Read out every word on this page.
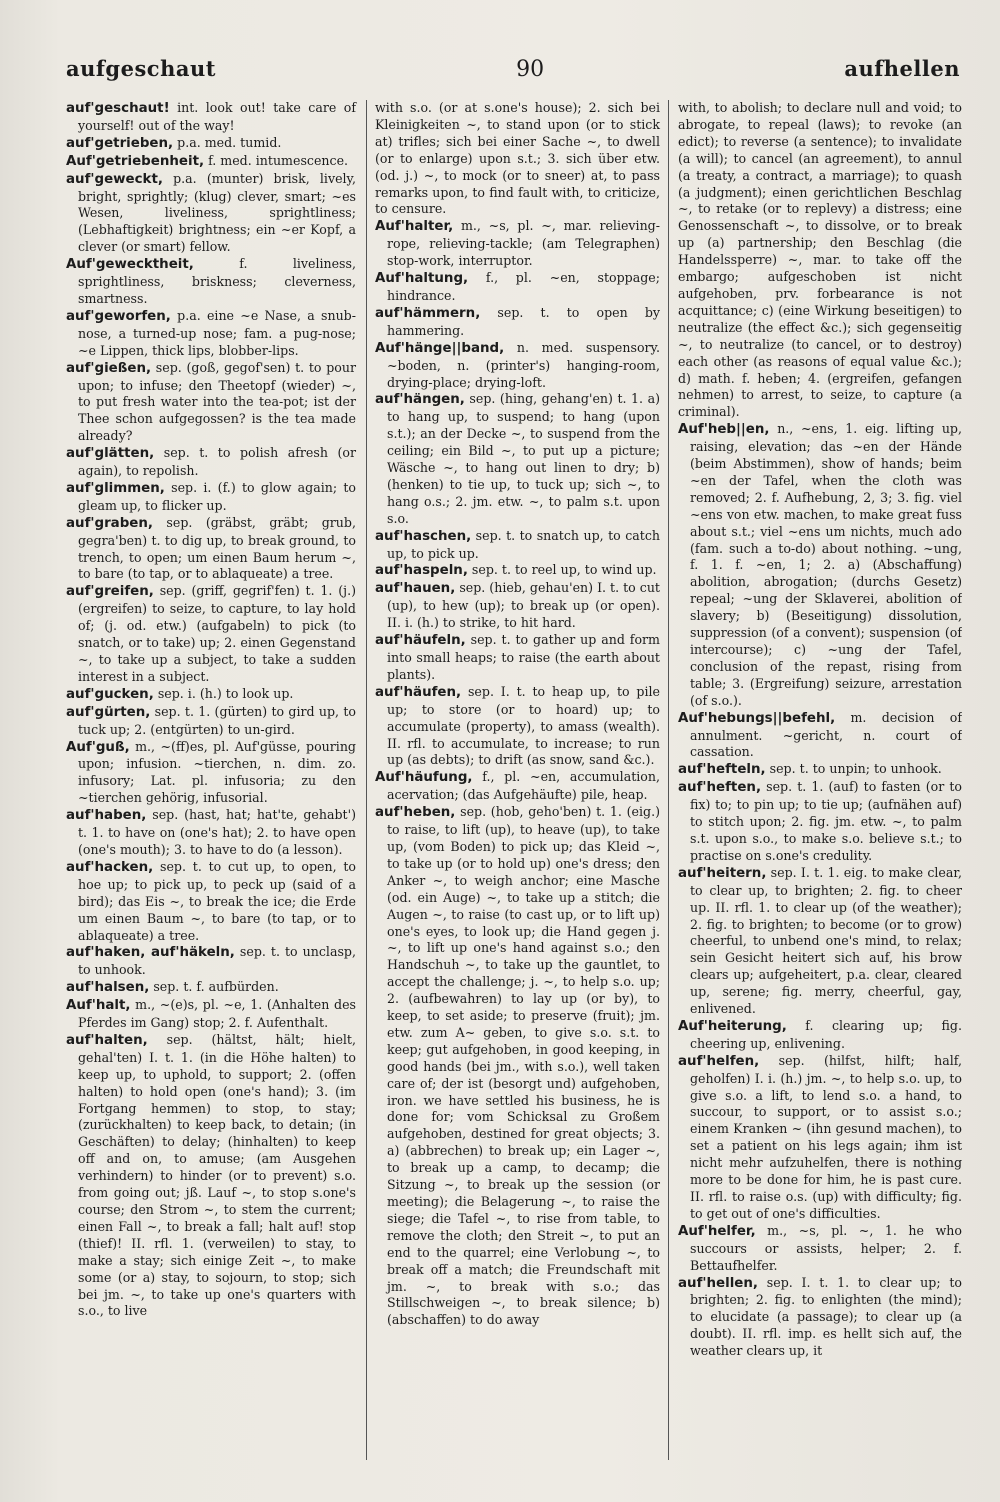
aufgeschaut	90	aufhellen

auf'geschaut! int. look out! take care of yourself! out of the way!

auf'getrieben, p.a. med. tumid.

Auf'getriebenheit, f. med. intumescence.

auf'geweckt, p.a. (munter) brisk, lively, bright, sprightly; (klug) clever, smart; ~es Wesen, liveliness, sprightliness; (Lebhaftigkeit) brightness; ein ~er Kopf, a clever (or smart) fellow.

Auf'gewecktheit, f. liveliness, sprightliness, briskness; cleverness, smartness.

auf'geworfen, p.a. eine ~e Nase, a snub-nose, a turned-up nose; fam. a pug-nose; ~e Lippen, thick lips, blobber-lips.

auf'gießen, sep. (goß, gegof'sen) t. to pour upon; to infuse; den Theetopf (wieder) ~, to put fresh water into the tea-pot; ist der Thee schon aufgegossen? is the tea made already?

auf'glätten, sep. t. to polish afresh (or again), to repolish.

auf'glimmen, sep. i. (f.) to glow again; to gleam up, to flicker up.

auf'graben, sep. (gräbst, gräbt; grub, gegra'ben) t. to dig up, to break ground, to trench, to open; um einen Baum herum ~, to bare (to tap, or to ablaqueate) a tree.

auf'greifen, sep. (griff, gegrif'fen) t. 1. (j.) (ergreifen) to seize, to capture, to lay hold of; (j. od. etw.) (aufgabeln) to pick (to snatch, or to take) up; 2. einen Gegenstand ~, to take up a subject, to take a sudden interest in a subject.

auf'gucken, sep. i. (h.) to look up.

auf'gürten, sep. t. 1. (gürten) to gird up, to tuck up; 2. (entgürten) to un-gird.

Auf'guß, m., ~(ff)es, pl. Auf'güsse, pouring upon; infusion. ~tierchen, n. dim. zo. infusory; Lat. pl. infusoria; zu den ~tierchen gehörig, infusorial.

auf'haben, sep. (hast, hat; hat'te, gehabt') t. 1. to have on (one's hat); 2. to have open (one's mouth); 3. to have to do (a lesson).

auf'hacken, sep. t. to cut up, to open, to hoe up; to pick up, to peck up (said of a bird); das Eis ~, to break the ice; die Erde um einen Baum ~, to bare (to tap, or to ablaqueate) a tree.

auf'haken, auf'häkeln, sep. t. to unclasp, to unhook.

auf'halsen, sep. t. f. aufbürden.

Auf'halt, m., ~(e)s, pl. ~e, 1. (Anhalten des Pferdes im Gang) stop; 2. f. Aufenthalt.

auf'halten, sep. (hältst, hält; hielt, gehal'ten) I. t. 1. (in die Höhe halten) to keep up, to uphold, to support; 2. (offen halten) to hold open (one's hand); 3. (im Fortgang hemmen) to stop, to stay; (zurückhalten) to keep back, to detain; (in Geschäften) to delay; (hinhalten) to keep off and on, to amuse; (am Ausgehen verhindern) to hinder (or to prevent) s.o. from going out; jß. Lauf ~, to stop s.one's course; den Strom ~, to stem the current; einen Fall ~, to break a fall; halt auf! stop (thief)! II. rfl. 1. (verweilen) to stay, to make a stay; sich einige Zeit ~, to make some (or a) stay, to sojourn, to stop; sich bei jm. ~, to take up one's quarters with s.o., to live

with s.o. (or at s.one's house); 2. sich bei Kleinigkeiten ~, to stand upon (or to stick at) trifles; sich bei einer Sache ~, to dwell (or to enlarge) upon s.t.; 3. sich über etw. (od. j.) ~, to mock (or to sneer) at, to pass remarks upon, to find fault with, to criticize, to censure.

Auf'halter, m., ~s, pl. ~, mar. relieving-rope, relieving-tackle; (am Telegraphen) stop-work, interruptor.

Auf'haltung, f., pl. ~en, stoppage; hindrance.

auf'hämmern, sep. t. to open by hammering.

Auf'hänge||band, n. med. suspensory. ~boden, n. (printer's) hanging-room, drying-place; drying-loft.

auf'hängen, sep. (hing, gehang'en) t. 1. a) to hang up, to suspend; to hang (upon s.t.); an der Decke ~, to suspend from the ceiling; ein Bild ~, to put up a picture; Wäsche ~, to hang out linen to dry; b) (henken) to tie up, to tuck up; sich ~, to hang o.s.; 2. jm. etw. ~, to palm s.t. upon s.o.

auf'haschen, sep. t. to snatch up, to catch up, to pick up.

auf'haspeln, sep. t. to reel up, to wind up.

auf'hauen, sep. (hieb, gehau'en) I. t. to cut (up), to hew (up); to break up (or open). II. i. (h.) to strike, to hit hard.

auf'häufeln, sep. t. to gather up and form into small heaps; to raise (the earth about plants).

auf'häufen, sep. I. t. to heap up, to pile up; to store (or to hoard) up; to accumulate (property), to amass (wealth). II. rfl. to accumulate, to increase; to run up (as debts); to drift (as snow, sand &c.).

Auf'häufung, f., pl. ~en, accumulation, acervation; (das Aufgehäufte) pile, heap.

auf'heben, sep. (hob, geho'ben) t. 1. (eig.) to raise, to lift (up), to heave (up), to take up, (vom Boden) to pick up; das Kleid ~, to take up (or to hold up) one's dress; den Anker ~, to weigh anchor; eine Masche (od. ein Auge) ~, to take up a stitch; die Augen ~, to raise (to cast up, or to lift up) one's eyes, to look up; die Hand gegen j. ~, to lift up one's hand against s.o.; den Handschuh ~, to take up the gauntlet, to accept the challenge; j. ~, to help s.o. up; 2. (aufbewahren) to lay up (or by), to keep, to set aside; to preserve (fruit); jm. etw. zum A~ geben, to give s.o. s.t. to keep; gut aufgehoben, in good keeping, in good hands (bei jm., with s.o.), well taken care of; der ist (besorgt und) aufgehoben, iron. we have settled his business, he is done for; vom Schicksal zu Großem aufgehoben, destined for great objects; 3. a) (abbrechen) to break up; ein Lager ~, to break up a camp, to decamp; die Sitzung ~, to break up the session (or meeting); die Belagerung ~, to raise the siege; die Tafel ~, to rise from table, to remove the cloth; den Streit ~, to put an end to the quarrel; eine Verlobung ~, to break off a match; die Freundschaft mit jm. ~, to break with s.o.; das Stillschweigen ~, to break silence; b) (abschaffen) to do away

with, to abolish; to declare null and void; to abrogate, to repeal (laws); to revoke (an edict); to reverse (a sentence); to invalidate (a will); to cancel (an agreement), to annul (a treaty, a contract, a marriage); to quash (a judgment); einen gerichtlichen Beschlag ~, to retake (or to replevy) a distress; eine Genossenschaft ~, to dissolve, or to break up (a) partnership; den Beschlag (die Handelssperre) ~, mar. to take off the embargo; aufgeschoben ist nicht aufgehoben, prv. forbearance is not acquittance; c) (eine Wirkung beseitigen) to neutralize (the effect &c.); sich gegenseitig ~, to neutralize (to cancel, or to destroy) each other (as reasons of equal value &c.); d) math. f. heben; 4. (ergreifen, gefangen nehmen) to arrest, to seize, to capture (a criminal).

Auf'heb||en, n., ~ens, 1. eig. lifting up, raising, elevation; das ~en der Hände (beim Abstimmen), show of hands; beim ~en der Tafel, when the cloth was removed; 2. f. Aufhebung, 2, 3; 3. fig. viel ~ens von etw. machen, to make great fuss about s.t.; viel ~ens um nichts, much ado (fam. such a to-do) about nothing. ~ung, f. 1. f. ~en, 1; 2. a) (Abschaffung) abolition, abrogation; (durchs Gesetz) repeal; ~ung der Sklaverei, abolition of slavery; b) (Beseitigung) dissolution, suppression (of a convent); suspension (of intercourse); c) ~ung der Tafel, conclusion of the repast, rising from table; 3. (Ergreifung) seizure, arrestation (of s.o.).

Auf'hebungs||befehl, m. decision of annulment. ~gericht, n. court of cassation.

auf'hefteln, sep. t. to unpin; to unhook.

auf'heften, sep. t. 1. (auf) to fasten (or to fix) to; to pin up; to tie up; (aufnähen auf) to stitch upon; 2. fig. jm. etw. ~, to palm s.t. upon s.o., to make s.o. believe s.t.; to practise on s.one's credulity.

auf'heitern, sep. I. t. 1. eig. to make clear, to clear up, to brighten; 2. fig. to cheer up. II. rfl. 1. to clear up (of the weather); 2. fig. to brighten; to become (or to grow) cheerful, to unbend one's mind, to relax; sein Gesicht heitert sich auf, his brow clears up; aufgeheitert, p.a. clear, cleared up, serene; fig. merry, cheerful, gay, enlivened.

Auf'heiterung, f. clearing up; fig. cheering up, enlivening.

auf'helfen, sep. (hilfst, hilft; half, geholfen) I. i. (h.) jm. ~, to help s.o. up, to give s.o. a lift, to lend s.o. a hand, to succour, to support, or to assist s.o.; einem Kranken ~ (ihn gesund machen), to set a patient on his legs again; ihm ist nicht mehr aufzuhelfen, there is nothing more to be done for him, he is past cure. II. rfl. to raise o.s. (up) with difficulty; fig. to get out of one's difficulties.

Auf'helfer, m., ~s, pl. ~, 1. he who succours or assists, helper; 2. f. Bettaufhelfer.

auf'hellen, sep. I. t. 1. to clear up; to brighten; 2. fig. to enlighten (the mind); to elucidate (a passage); to clear up (a doubt). II. rfl. imp. es hellt sich auf, the weather clears up, it
